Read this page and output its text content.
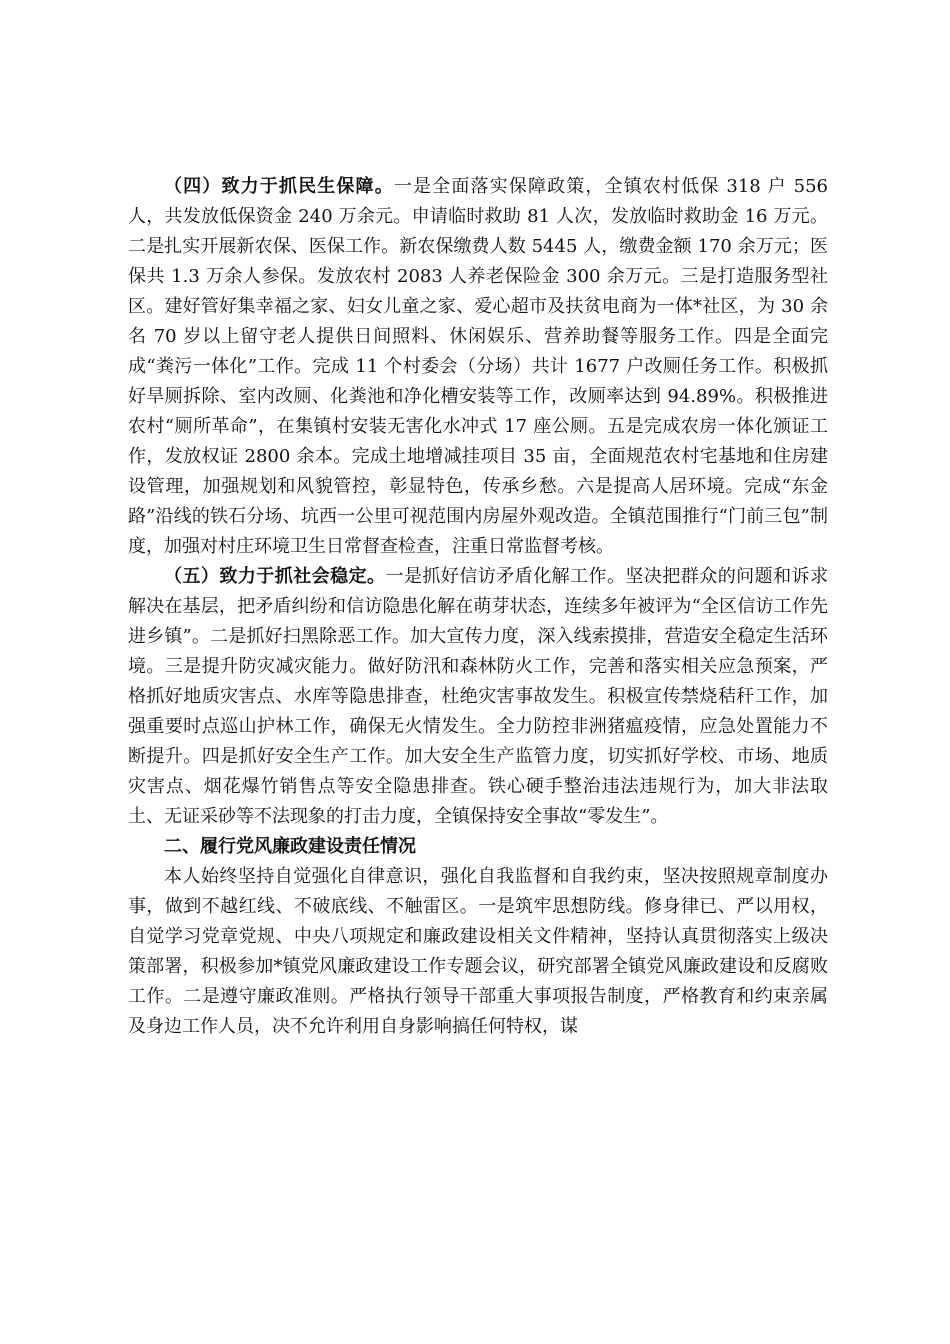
（四）致力于抓民生保障。一是全面落实保障政策，全镇农村低保 318 户 556 人，共发放低保资金 240 万余元。申请临时救助 81 人次，发放临时救助金 16 万元。二是扎实开展新农保、医保工作。新农保缴费人数 5445 人，缴费金额 170 余万元；医保共 1.3 万余人参保。发放农村 2083 人养老保险金 300 余万元。三是打造服务型社区。建好管好集幸福之家、妇女儿童之家、爱心超市及扶贫电商为一体*社区，为 30 余名 70 岁以上留守老人提供日间照料、休闲娱乐、营养助餐等服务工作。四是全面完成“粪污一体化”工作。完成 11 个村委会（分场）共计 1677 户改厕任务工作。积极抓好旱厕拆除、室内改厕、化粪池和净化槽安装等工作，改厕率达到 94.89%。积极推进农村“厕所革命”，在集镇村安装无害化水冲式 17 座公厕。五是完成农房一体化颁证工作，发放权证 2800 余本。完成土地增减挂项目 35 亩，全面规范农村宅基地和住房建设管理，加强规划和风貌管控，彰显特色，传承乡愁。六是提高人居环境。完成“东金路”沿线的铁石分场、坑西一公里可视范围内房屋外观改造。全镇范围推行“门前三包”制度，加强对村庄环境卫生日常督查检查，注重日常监督考核。

（五）致力于抓社会稳定。一是抓好信访矛盾化解工作。坚决把群众的问题和诉求解决在基层，把矛盾纠纷和信访隐患化解在萌芽状态，连续多年被评为“全区信访工作先进乡镇”。二是抓好扫黑除恶工作。加大宣传力度，深入线索摸排，营造安全稳定生活环境。三是提升防灾减灾能力。做好防汛和森林防火工作，完善和落实相关应急预案，严格抓好地质灾害点、水库等隐患排查，杜绝灾害事故发生。积极宣传禁烧秸秆工作，加强重要时点巡山护林工作，确保无火情发生。全力防控非洲猪瘟疫情，应急处置能力不断提升。四是抓好安全生产工作。加大安全生产监管力度，切实抓好学校、市场、地质灾害点、烟花爆竹销售点等安全隐患排查。铁心硬手整治违法违规行为，加大非法取土、无证采砂等不法现象的打击力度，全镇保持安全事故“零发生”。

二、履行党风廉政建设责任情况

本人始终坚持自觉强化自律意识，强化自我监督和自我约束，坚决按照规章制度办事，做到不越红线、不破底线、不触雷区。一是筑牢思想防线。修身律已、严以用权，自觉学习党章党规、中央八项规定和廉政建设相关文件精神，坚持认真贯彻落实上级决策部署，积极参加*镇党风廉政建设工作专题会议，研究部署全镇党风廉政建设和反腐败工作。二是遵守廉政准则。严格执行领导干部重大事项报告制度，严格教育和约束亲属及身边工作人员，决不允许利用自身影响搞任何特权，谋
